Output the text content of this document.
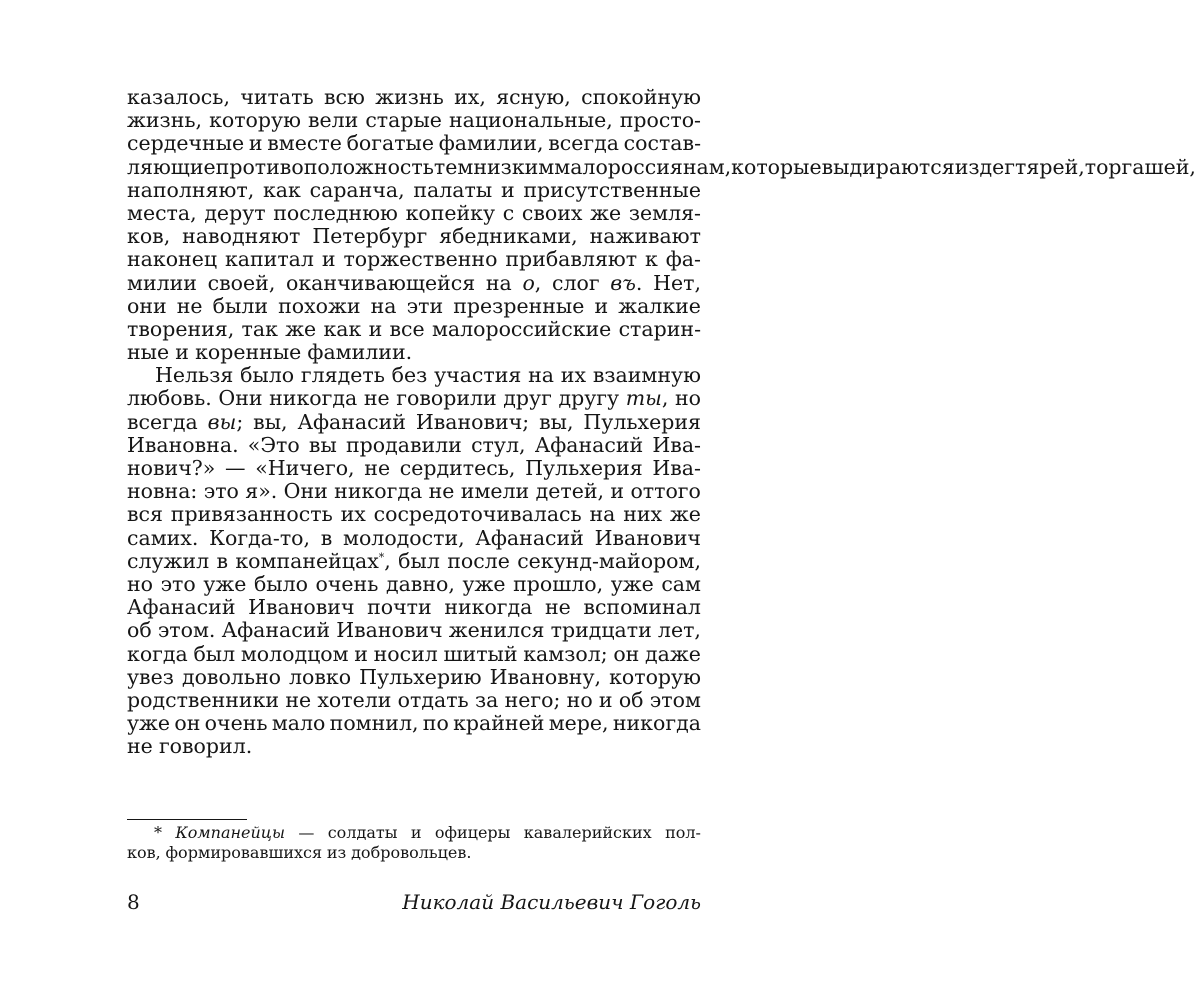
казалось, читать всю жизнь их, ясную, спокойную
жизнь, которую вели старые национальные, просто-
сердечные и вместе богатые фамилии, всегда состав-
ляющие противоположность тем низким малороссиянам, которые выдираются из дегтярей, торгашей,
наполняют, как саранча, палаты и присутственные
места, дерут последнюю копейку с своих же земля-
ков, наводняют Петербург ябедниками, наживают
наконец капитал и торжественно прибавляют к фа-
милии своей, оканчивающейся на о, слог въ. Нет,
они не были похожи на эти презренные и жалкие
творения, так же как и все малороссийские старин-
ные и коренные фамилии.
Нельзя было глядеть без участия на их взаимную
любовь. Они никогда не говорили друг другу ты, но
всегда вы; вы, Афанасий Иванович; вы, Пульхерия
Ивановна. «Это вы продавили стул, Афанасий Ива-
нович?» — «Ничего, не сердитесь, Пульхерия Ива-
новна: это я». Они никогда не имели детей, и оттого
вся привязанность их сосредоточивалась на них же
самих. Когда-то, в молодости, Афанасий Иванович
служил в компанейцах*, был после секунд-майором,
но это уже было очень давно, уже прошло, уже сам
Афанасий Иванович почти никогда не вспоминал
об этом. Афанасий Иванович женился тридцати лет,
когда был молодцом и носил шитый камзол; он даже
увез довольно ловко Пульхерию Ивановну, которую
родственники не хотели отдать за него; но и об этом
уже он очень мало помнил, по крайней мере, никогда
не говорил.
* Компанейцы — солдаты и офицеры кавалерийских пол-
ков, формировавшихся из добровольцев.
8	Николай Васильевич Гоголь
